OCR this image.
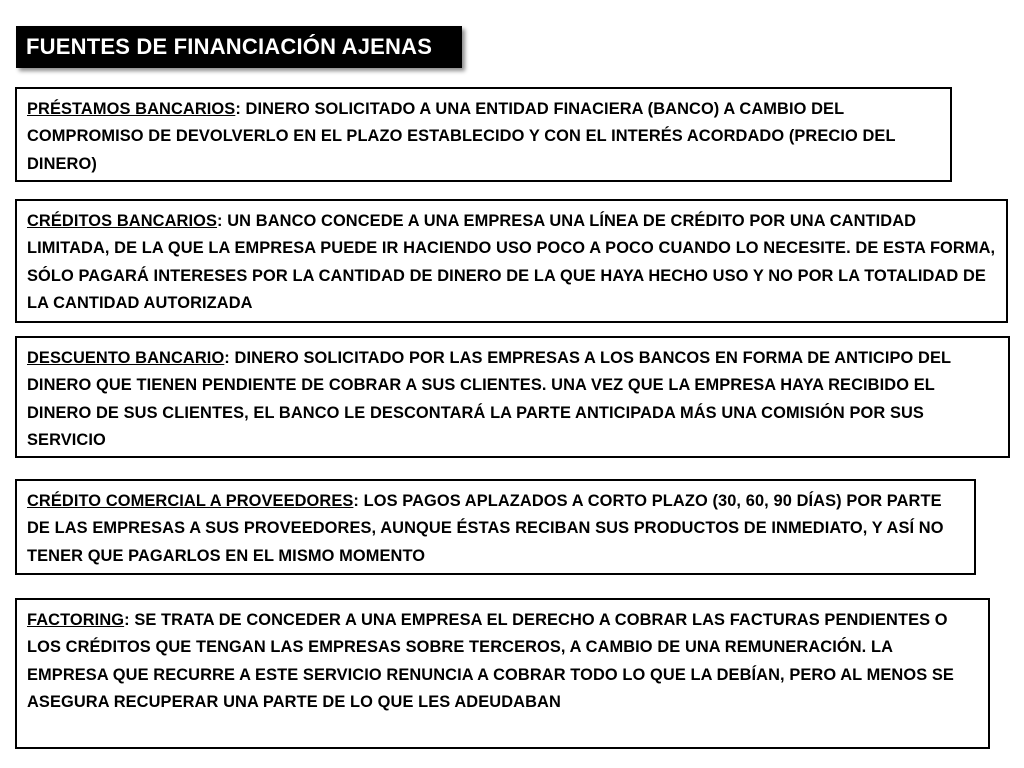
FUENTES DE FINANCIACIÓN AJENAS
PRÉSTAMOS BANCARIOS: DINERO SOLICITADO A UNA ENTIDAD FINACIERA (BANCO) A CAMBIO DEL COMPROMISO DE DEVOLVERLO EN EL PLAZO ESTABLECIDO Y CON EL INTERÉS ACORDADO (PRECIO DEL DINERO)
CRÉDITOS BANCARIOS: UN BANCO CONCEDE A UNA EMPRESA UNA LÍNEA DE CRÉDITO POR UNA CANTIDAD LIMITADA, DE LA QUE LA EMPRESA PUEDE IR HACIENDO USO POCO A POCO CUANDO LO NECESITE. DE ESTA FORMA, SÓLO PAGARÁ INTERESES POR LA CANTIDAD DE DINERO DE LA QUE HAYA HECHO USO Y NO POR LA TOTALIDAD DE LA CANTIDAD AUTORIZADA
DESCUENTO BANCARIO: DINERO SOLICITADO POR LAS EMPRESAS A LOS BANCOS EN FORMA DE ANTICIPO DEL DINERO QUE TIENEN PENDIENTE DE COBRAR A SUS CLIENTES. UNA VEZ QUE LA EMPRESA HAYA RECIBIDO EL DINERO DE SUS CLIENTES, EL BANCO LE DESCONTARÁ LA PARTE ANTICIPADA MÁS UNA COMISIÓN POR SUS SERVICIO
CRÉDITO COMERCIAL A PROVEEDORES: LOS PAGOS APLAZADOS A CORTO PLAZO (30, 60, 90 DÍAS) POR PARTE DE LAS EMPRESAS A SUS PROVEEDORES, AUNQUE ÉSTAS RECIBAN SUS PRODUCTOS DE INMEDIATO, Y ASÍ NO TENER QUE PAGARLOS EN EL MISMO MOMENTO
FACTORING: SE TRATA DE CONCEDER A UNA EMPRESA EL DERECHO A COBRAR LAS FACTURAS PENDIENTES O LOS CRÉDITOS QUE TENGAN LAS EMPRESAS SOBRE TERCEROS, A CAMBIO DE UNA REMUNERACIÓN. LA EMPRESA QUE RECURRE A ESTE SERVICIO RENUNCIA A COBRAR TODO LO QUE LA DEBÍAN, PERO AL MENOS SE ASEGURA RECUPERAR UNA PARTE DE LO QUE LES ADEUDABAN
